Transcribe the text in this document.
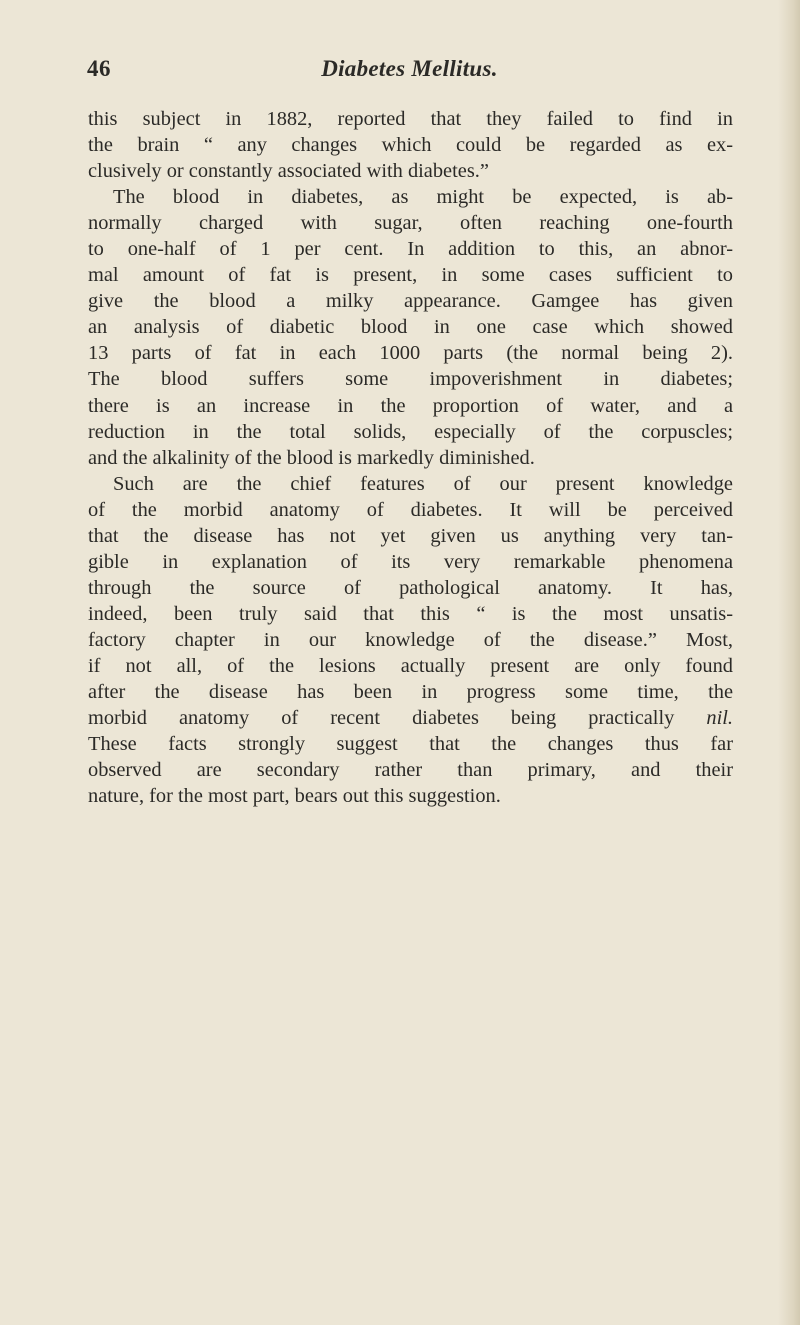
46	Diabetes Mellitus.
this subject in 1882, reported that they failed to find in
the brain “ any changes which could be regarded as ex-
clusively or constantly associated with diabetes.”
The blood in diabetes, as might be expected, is ab-
normally charged with sugar, often reaching one-fourth
to one-half of 1 per cent. In addition to this, an abnor-
mal amount of fat is present, in some cases sufficient to
give the blood a milky appearance. Gamgee has given
an analysis of diabetic blood in one case which showed
13 parts of fat in each 1000 parts (the normal being 2).
The blood suffers some impoverishment in diabetes;
there is an increase in the proportion of water, and a
reduction in the total solids, especially of the corpuscles;
and the alkalinity of the blood is markedly diminished.
Such are the chief features of our present knowledge
of the morbid anatomy of diabetes. It will be perceived
that the disease has not yet given us anything very tan-
gible in explanation of its very remarkable phenomena
through the source of pathological anatomy. It has,
indeed, been truly said that this “ is the most unsatis-
factory chapter in our knowledge of the disease.” Most,
if not all, of the lesions actually present are only found
after the disease has been in progress some time, the
morbid anatomy of recent diabetes being practically nil.
These facts strongly suggest that the changes thus far
observed are secondary rather than primary, and their
nature, for the most part, bears out this suggestion.
